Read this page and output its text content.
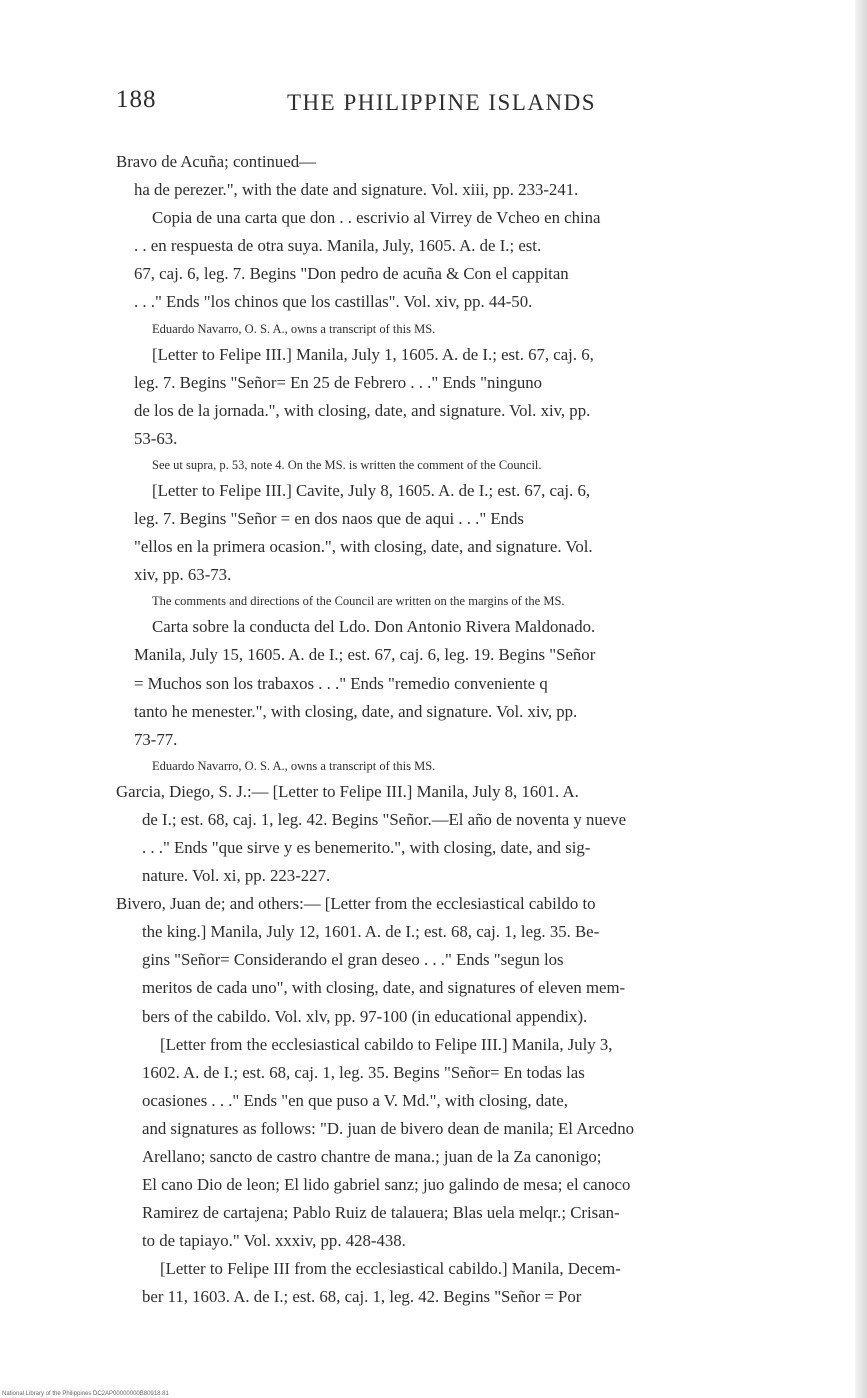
188	THE PHILIPPINE ISLANDS
Bravo de Acuña; continued—
ha de perezer.", with the date and signature. Vol. xiii, pp. 233-241.
Copia de una carta que don . . escrivio al Virrey de Vcheo en china
. . en respuesta de otra suya. Manila, July, 1605. A. de I.; est.
67, caj. 6, leg. 7. Begins "Don pedro de acuña & Con el cappitan
. . ." Ends "los chinos que los castillas". Vol. xiv, pp. 44-50.
Eduardo Navarro, O. S. A., owns a transcript of this MS.
[Letter to Felipe III.] Manila, July 1, 1605. A. de I.; est. 67, caj. 6,
leg. 7. Begins "Señor= En 25 de Febrero . . ." Ends "ninguno
de los de la jornada.", with closing, date, and signature. Vol. xiv, pp.
53-63.
See ut supra, p. 53, note 4. On the MS. is written the comment of the Council.
[Letter to Felipe III.] Cavite, July 8, 1605. A. de I.; est. 67, caj. 6,
leg. 7. Begins "Señor = en dos naos que de aqui . . ." Ends
"ellos en la primera ocasion.", with closing, date, and signature. Vol.
xiv, pp. 63-73.
The comments and directions of the Council are written on the margins of the MS.
Carta sobre la conducta del Ldo. Don Antonio Rivera Maldonado.
Manila, July 15, 1605. A. de I.; est. 67, caj. 6, leg. 19. Begins "Señor
= Muchos son los trabaxos . . ." Ends "remedio conveniente q
tanto he menester.", with closing, date, and signature. Vol. xiv, pp.
73-77.
Eduardo Navarro, O. S. A., owns a transcript of this MS.
Garcia, Diego, S. J.:— [Letter to Felipe III.] Manila, July 8, 1601. A.
de I.; est. 68, caj. 1, leg. 42. Begins "Señor.—El año de noventa y nueve
. . ." Ends "que sirve y es benemerito.", with closing, date, and sig-
nature. Vol. xi, pp. 223-227.
Bivero, Juan de; and others:— [Letter from the ecclesiastical cabildo to
the king.] Manila, July 12, 1601. A. de I.; est. 68, caj. 1, leg. 35. Be-
gins "Señor= Considerando el gran deseo . . ." Ends "segun los
meritos de cada uno", with closing, date, and signatures of eleven mem-
bers of the cabildo. Vol. xlv, pp. 97-100 (in educational appendix).
[Letter from the ecclesiastical cabildo to Felipe III.] Manila, July 3,
1602. A. de I.; est. 68, caj. 1, leg. 35. Begins "Señor= En todas las
ocasiones . . ." Ends "en que puso a V. Md.", with closing, date,
and signatures as follows: "D. juan de bivero dean de manila; El Arcedno
Arellano; sancto de castro chantre de mana.; juan de la Za canonigo;
El cano Dio de leon; El lido gabriel sanz; juo galindo de mesa; el canoco
Ramirez de cartajena; Pablo Ruiz de talauera; Blas uela melqr.; Crisan-
to de tapiayo." Vol. xxxiv, pp. 428-438.
[Letter to Felipe III from the ecclesiastical cabildo.] Manila, Decem-
ber 11, 1603. A. de I.; est. 68, caj. 1, leg. 42. Begins "Señor = Por
National Library of the Philippines DC2AP00000000B80918 81
